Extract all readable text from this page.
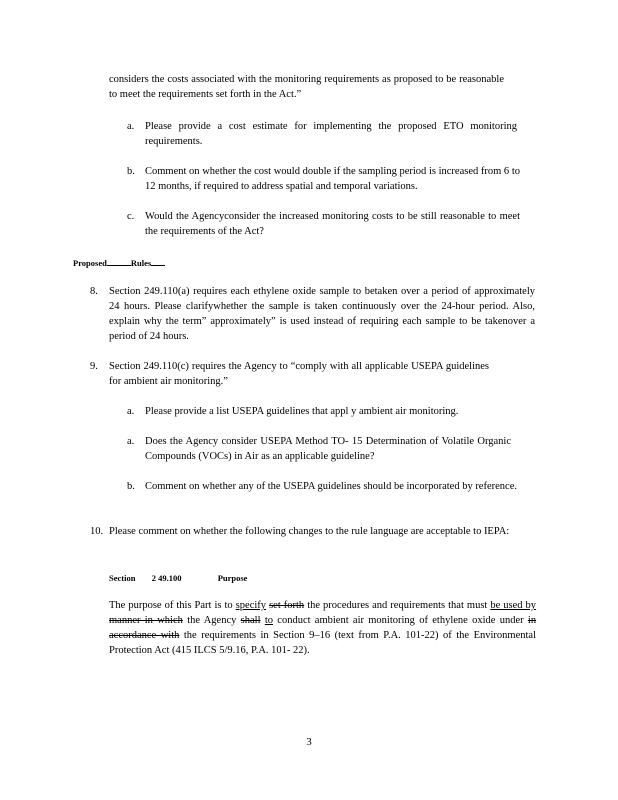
considers the costs associated with the monitoring requirements as proposed to be reasonable to meet the requirements set forth in the Act.”

a. Please provide a cost estimate for implementing the proposed ETO monitoring requirements.

b. Comment on whether the cost would double if the sampling period is increased from 6 to 12 months, if required to address spatial and temporal variations.

c. Would the Agencyconsider the increased monitoring costs to be still reasonable to meet the requirements of the Act?

Proposed	Rules
8. Section 249.110(a) requires each ethylene oxide sample to betaken over a period of approximately 24 hours. Please clarifywhether the sample is taken continuously over the 24-hour period. Also, explain why the term” approximately” is used instead of requiring each sample to be takenover a period of 24 hours.

9. Section 249.110(c) requires the Agency to “comply with all applicable USEPA guidelines for ambient air monitoring.”

a. Please provide a list USEPA guidelines that appl y ambient air monitoring.

a. Does the Agency consider USEPA Method TO- 15 Determination of Volatile Organic Compounds (VOCs) in Air as an applicable guideline?

b. Comment on whether any of the USEPA guidelines should be incorporated by reference.

10. Please comment on whether the following changes to the rule language are acceptable to IEPA:

Section 2 49.100	Purpose

The purpose of this Part is to specify set forth the procedures and requirements that must be used by manner in which the Agency shall to conduct ambient air monitoring of ethylene oxide under in accordance with the requirements in Section 9–16 (text from P.A. 101-22) of the Environmental Protection Act (415 ILCS 5/9.16, P.A. 101- 22).

3
